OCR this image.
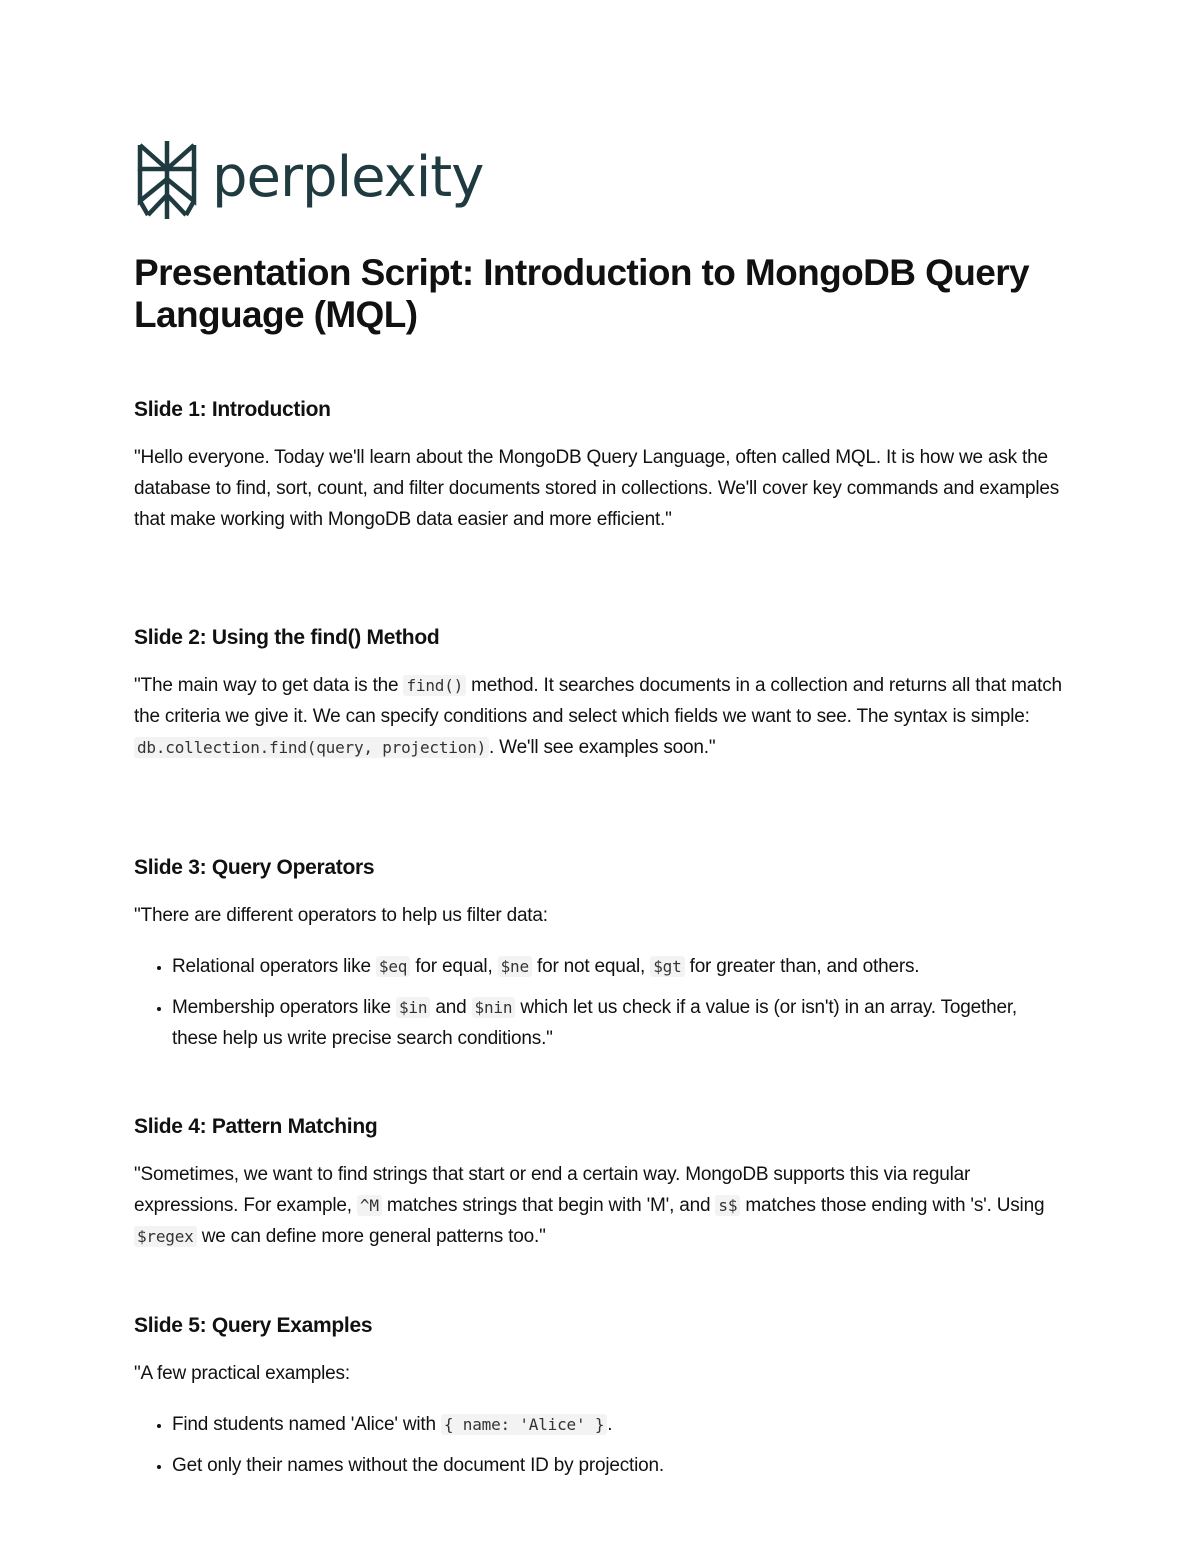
perplexity
Presentation Script: Introduction to MongoDB Query Language (MQL)
Slide 1: Introduction

"Hello everyone. Today we'll learn about the MongoDB Query Language, often called MQL. It is how we ask the database to find, sort, count, and filter documents stored in collections. We'll cover key commands and examples that make working with MongoDB data easier and more efficient."

Slide 2: Using the find() Method

"The main way to get data is the find() method. It searches documents in a collection and returns all that match the criteria we give it. We can specify conditions and select which fields we want to see. The syntax is simple: db.collection.find(query, projection) . We'll see examples soon."

Slide 3: Query Operators

"There are different operators to help us filter data:

• Relational operators like $eq for equal, $ne for not equal, $gt for greater than, and others.
• Membership operators like $in and $nin which let us check if a value is (or isn't) in an array. Together, these help us write precise search conditions."
Slide 4: Pattern Matching

"Sometimes, we want to find strings that start or end a certain way. MongoDB supports this via regular expressions. For example, ^M matches strings that begin with 'M', and s$ matches those ending with 's'. Using $regex we can define more general patterns too."

Slide 5: Query Examples

"A few practical examples:

• Find students named 'Alice' with { name: 'Alice' } .
• Get only their names without the document ID by projection.
